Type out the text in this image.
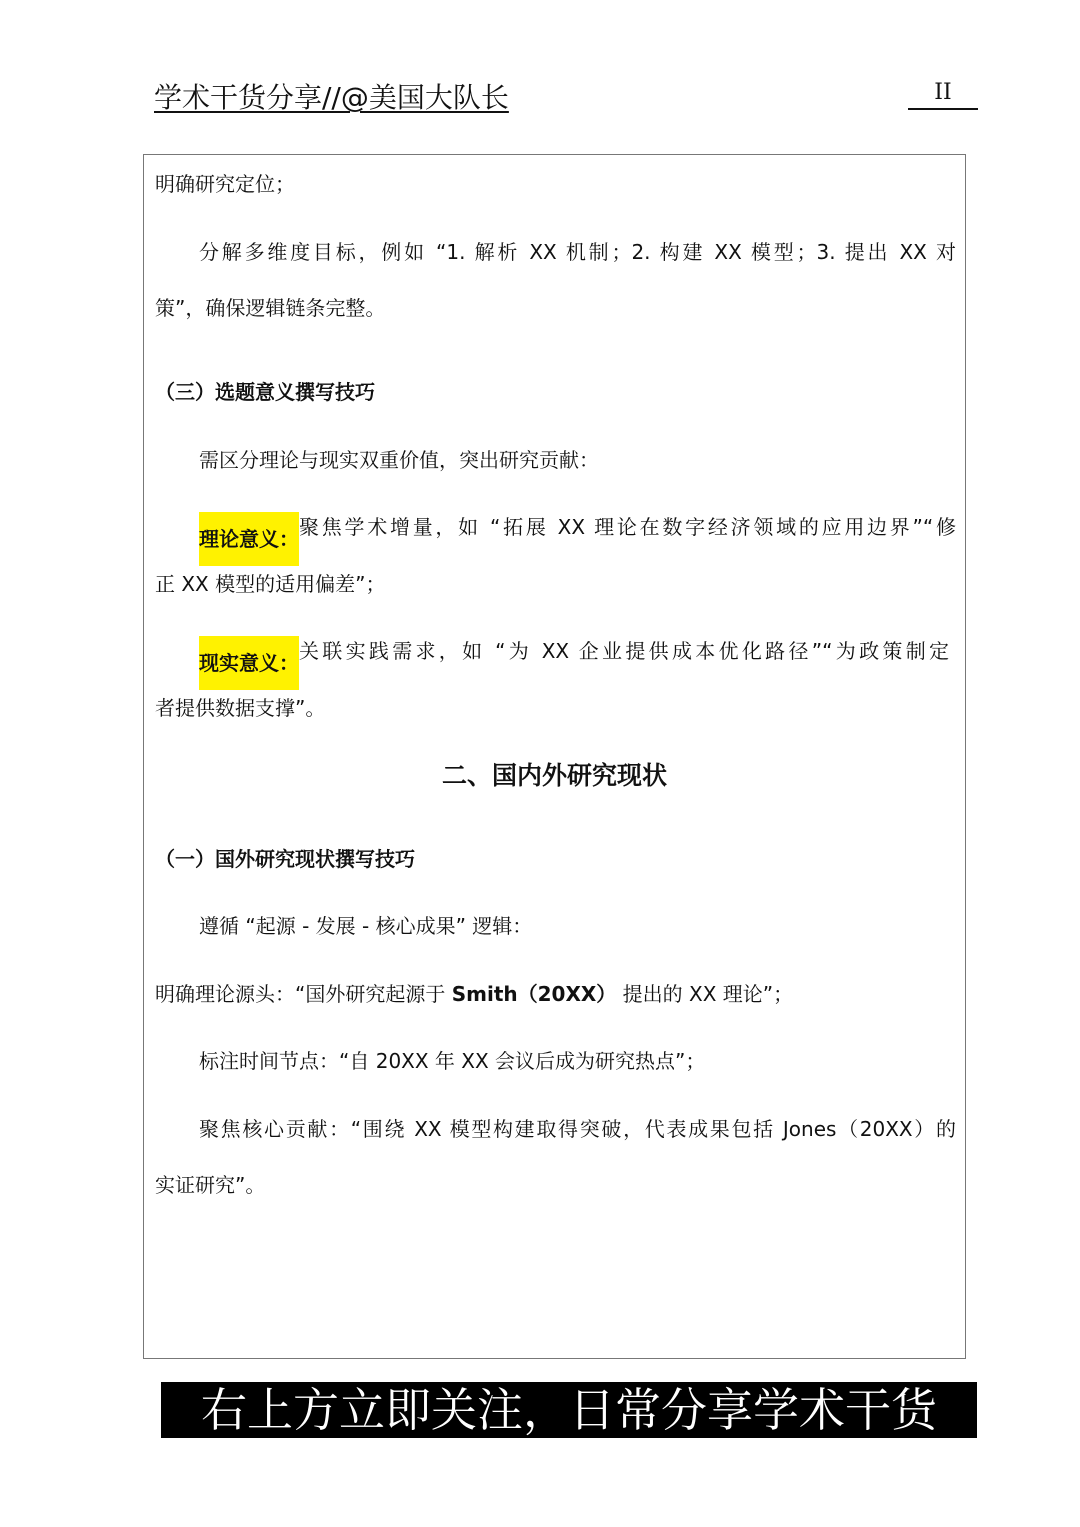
学术干货分享//@美国大队长	II
明确研究定位；
分解多维度目标，例如 “1. 解析 XX 机制；2. 构建 XX 模型；3. 提出 XX 对
策”，确保逻辑链条完整。
（三）选题意义撰写技巧
需区分理论与现实双重价值，突出研究贡献：
理论意义： 聚焦学术增量，如 “拓展 XX 理论在数字经济领域的应用边界”“修
正 XX 模型的适用偏差”；
现实意义： 关联实践需求，如 “为 XX 企业提供成本优化路径”“为政策制定
者提供数据支撑”。
二、国内外研究现状
（一）国外研究现状撰写技巧
遵循 “起源 - 发展 - 核心成果” 逻辑：
明确理论源头：“国外研究起源于 Smith（20XX） 提出的 XX 理论”；
标注时间节点：“自 20XX 年 XX 会议后成为研究热点”；
聚焦核心贡献：“围绕 XX 模型构建取得突破，代表成果包括 Jones（20XX）的
实证研究”。
右上方立即关注，日常分享学术干货
